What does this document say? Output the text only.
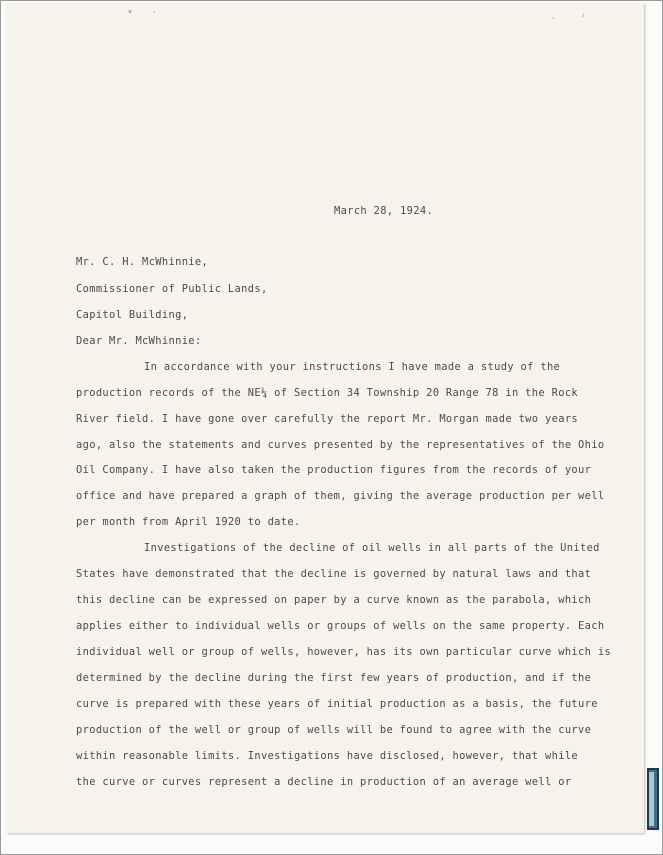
• ·	· '
March 28, 1924.
Mr. C. H. McWhinnie,
Commissioner of Public Lands,
Capitol Building,
Dear Mr. McWhinnie:
In accordance with your instructions I have made a study of the
production records of the NE¼ of Section 34 Township 20 Range 78 in the Rock
River field. I have gone over carefully the report Mr. Morgan made two years
ago, also the statements and curves presented by the representatives of the Ohio
Oil Company. I have also taken the production figures from the records of your
office and have prepared a graph of them, giving the average production per well
per month from April 1920 to date.
Investigations of the decline of oil wells in all parts of the United
States have demonstrated that the decline is governed by natural laws and that
this decline can be expressed on paper by a curve known as the parabola, which
applies either to individual wells or groups of wells on the same property. Each
individual well or group of wells, however, has its own particular curve which is
determined by the decline during the first few years of production, and if the
curve is prepared with these years of initial production as a basis, the future
production of the well or group of wells will be found to agree with the curve
within reasonable limits. Investigations have disclosed, however, that while
the curve or curves represent a decline in production of an average well or
